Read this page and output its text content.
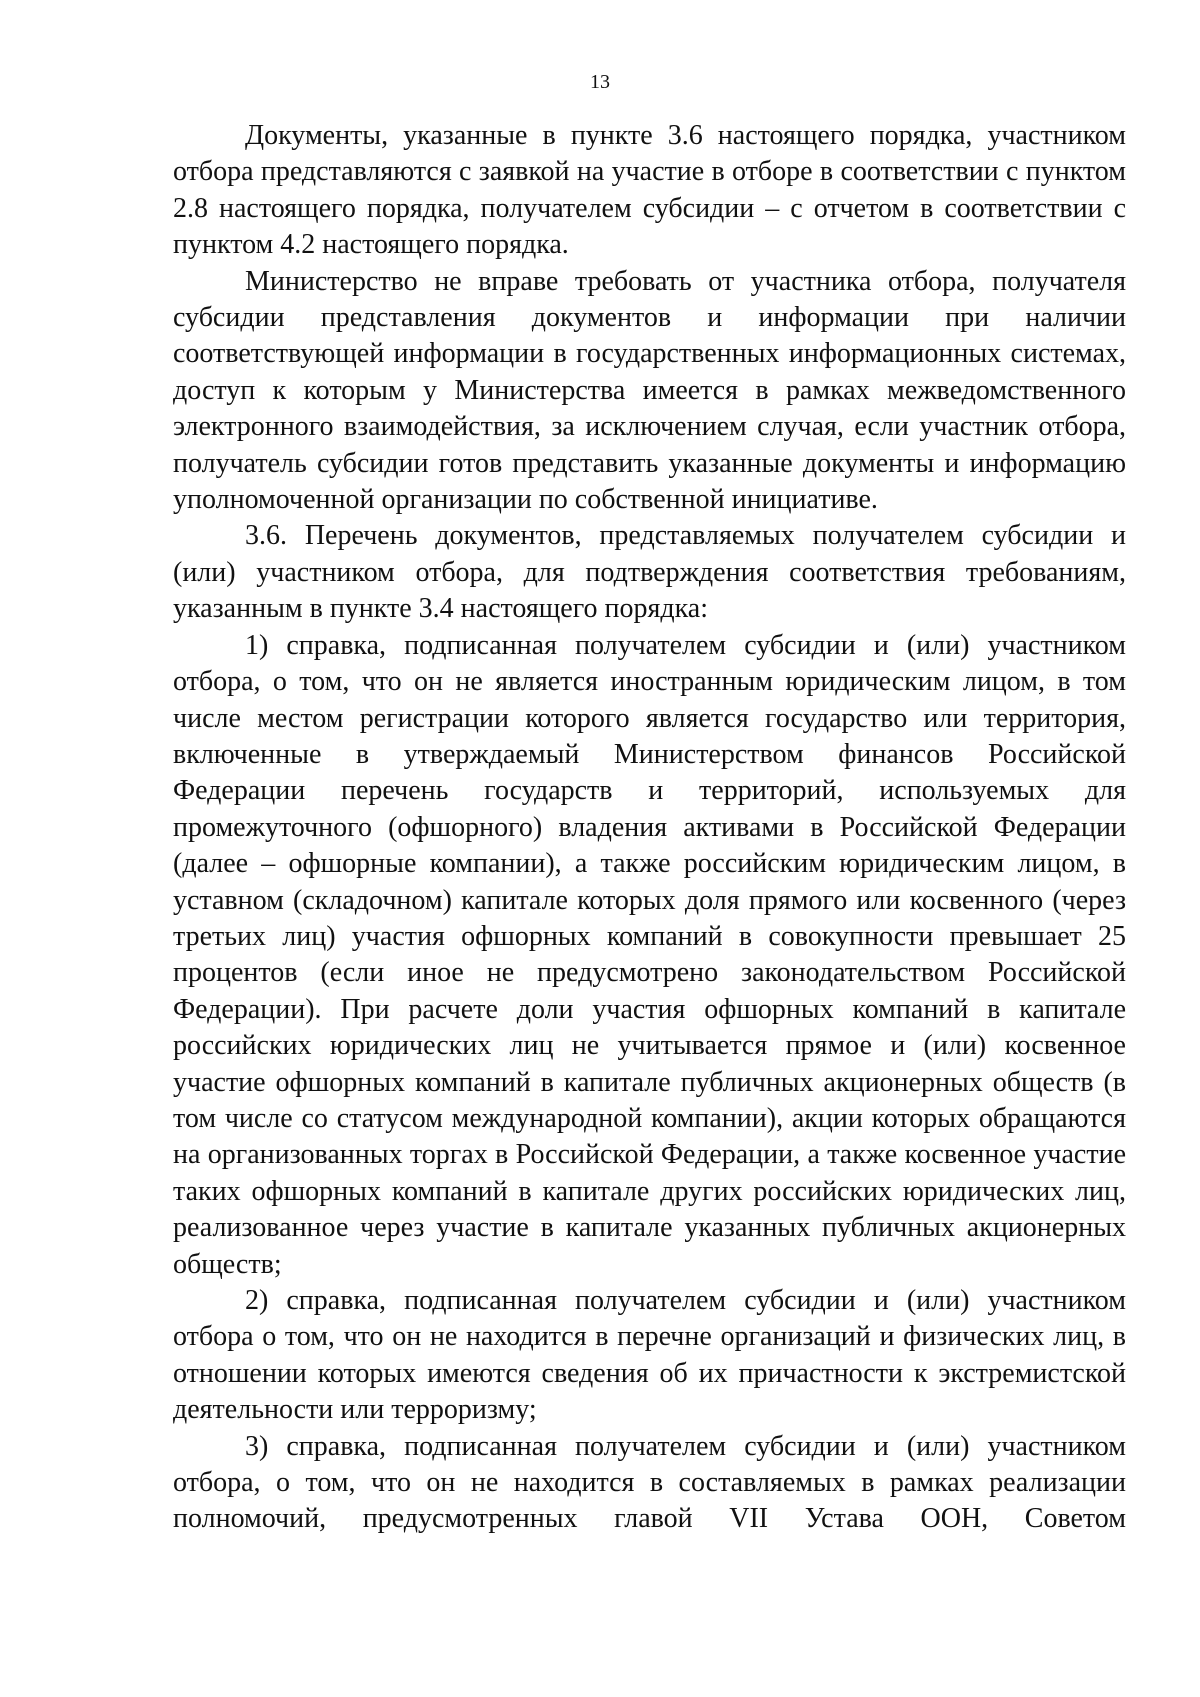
13

Документы, указанные в пункте 3.6 настоящего порядка, участником отбора представляются с заявкой на участие в отборе в соответствии с пунктом 2.8 настоящего порядка, получателем субсидии – с отчетом в соответствии с пунктом 4.2 настоящего порядка.

Министерство не вправе требовать от участника отбора, получателя субсидии представления документов и информации при наличии соответствующей информации в государственных информационных системах, доступ к которым у Министерства имеется в рамках межведомственного электронного взаимодействия, за исключением случая, если участник отбора, получатель субсидии готов представить указанные документы и информацию уполномоченной организации по собственной инициативе.

3.6. Перечень документов, представляемых получателем субсидии и (или) участником отбора, для подтверждения соответствия требованиям, указанным в пункте 3.4 настоящего порядка:

1) справка, подписанная получателем субсидии и (или) участником отбора, о том, что он не является иностранным юридическим лицом, в том числе местом регистрации которого является государство или территория, включенные в утверждаемый Министерством финансов Российской Федерации перечень государств и территорий, используемых для промежуточного (офшорного) владения активами в Российской Федерации (далее – офшорные компании), а также российским юридическим лицом, в уставном (складочном) капитале которых доля прямого или косвенного (через третьих лиц) участия офшорных компаний в совокупности превышает 25 процентов (если иное не предусмотрено законодательством Российской Федерации). При расчете доли участия офшорных компаний в капитале российских юридических лиц не учитывается прямое и (или) косвенное участие офшорных компаний в капитале публичных акционерных обществ (в том числе со статусом международной компании), акции которых обращаются на организованных торгах в Российской Федерации, а также косвенное участие таких офшорных компаний в капитале других российских юридических лиц, реализованное через участие в капитале указанных публичных акционерных обществ;

2) справка, подписанная получателем субсидии и (или) участником отбора о том, что он не находится в перечне организаций и физических лиц, в отношении которых имеются сведения об их причастности к экстремистской деятельности или терроризму;

3) справка, подписанная получателем субсидии и (или) участником отбора, о том, что он не находится в составляемых в рамках реализации полномочий, предусмотренных главой VII Устава ООН, Советом
